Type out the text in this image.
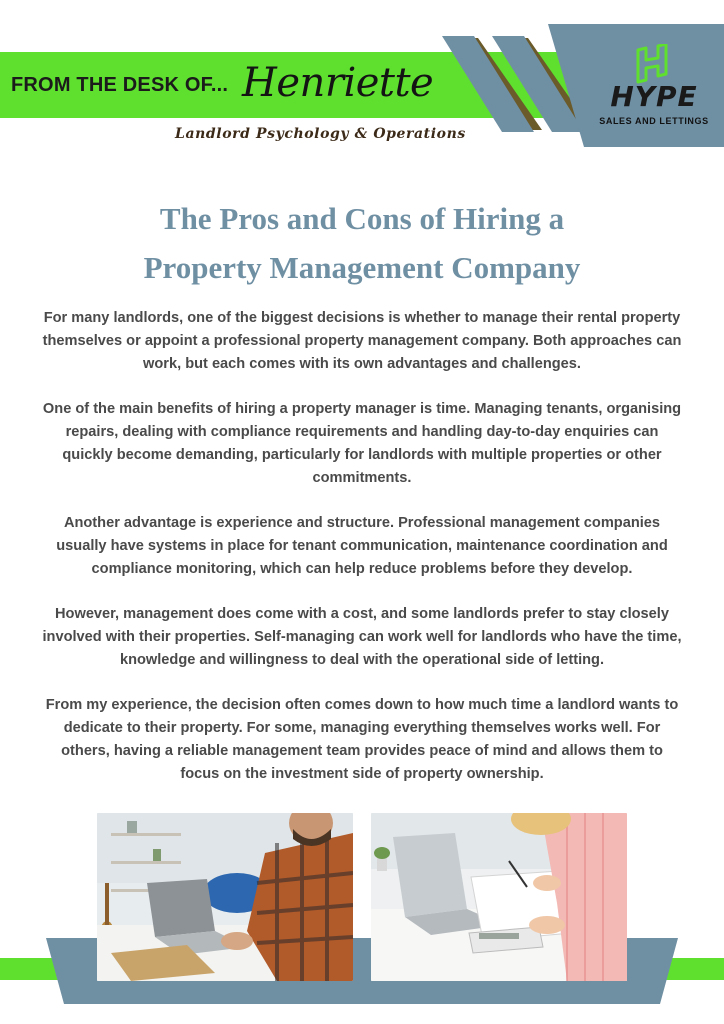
FROM THE DESK OF... Henriette	HYPE
SALES AND LETTINGS
Landlord Psychology & Operations
The Pros and Cons of Hiring a
Property Management Company

For many landlords, one of the biggest decisions is whether to manage their rental property themselves or appoint a professional property management company. Both approaches can work, but each comes with its own advantages and challenges.

One of the main benefits of hiring a property manager is time. Managing tenants, organising repairs, dealing with compliance requirements and handling day-to-day enquiries can quickly become demanding, particularly for landlords with multiple properties or other commitments.

Another advantage is experience and structure. Professional management companies usually have systems in place for tenant communication, maintenance coordination and compliance monitoring, which can help reduce problems before they develop.

However, management does come with a cost, and some landlords prefer to stay closely involved with their properties. Self-managing can work well for landlords who have the time, knowledge and willingness to deal with the operational side of letting.

From my experience, the decision often comes down to how much time a landlord wants to dedicate to their property. For some, managing everything themselves works well. For others, having a reliable management team provides peace of mind and allows them to focus on the investment side of property ownership.
